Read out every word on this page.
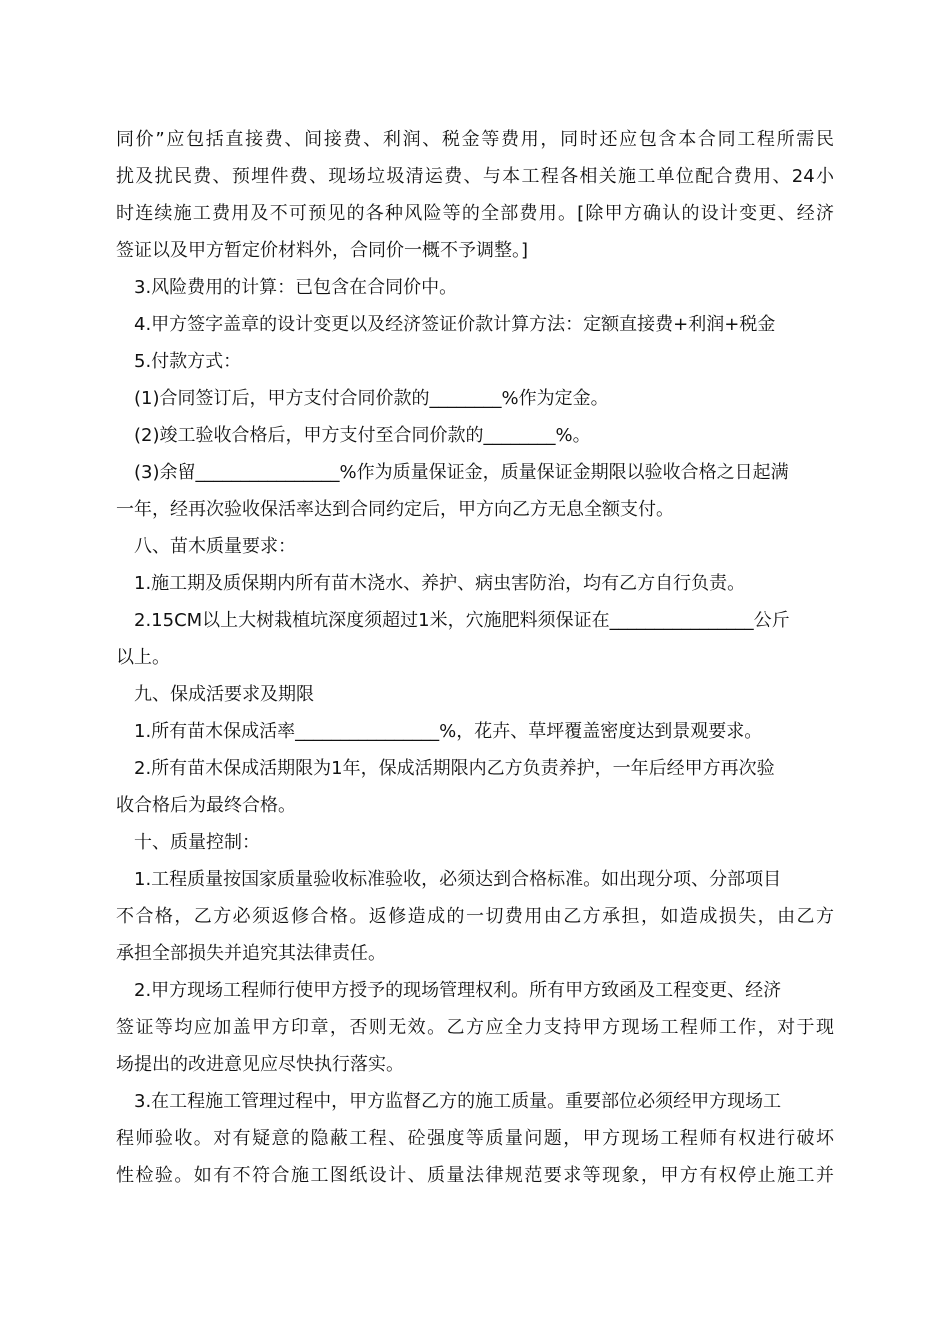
同价”应包括直接费、间接费、利润、税金等费用，同时还应包含本合同工程所需民
扰及扰民费、预埋件费、现场垃圾清运费、与本工程各相关施工单位配合费用、24小
时连续施工费用及不可预见的各种风险等的全部费用。[除甲方确认的设计变更、经济
签证以及甲方暂定价材料外，合同价一概不予调整。]
3.风险费用的计算：已包含在合同价中。
4.甲方签字盖章的设计变更以及经济签证价款计算方法：定额直接费+利润+税金
5.付款方式：
(1)合同签订后，甲方支付合同价款的________%作为定金。
(2)竣工验收合格后，甲方支付至合同价款的________%。
(3)余留________________%作为质量保证金，质量保证金期限以验收合格之日起满
一年，经再次验收保活率达到合同约定后，甲方向乙方无息全额支付。
八、苗木质量要求：
1.施工期及质保期内所有苗木浇水、养护、病虫害防治，均有乙方自行负责。
2.15CM以上大树栽植坑深度须超过1米，穴施肥料须保证在________________公斤
以上。
九、保成活要求及期限
1.所有苗木保成活率________________%，花卉、草坪覆盖密度达到景观要求。
2.所有苗木保成活期限为1年，保成活期限内乙方负责养护，一年后经甲方再次验
收合格后为最终合格。
十、质量控制：
1.工程质量按国家质量验收标准验收，必须达到合格标准。如出现分项、分部项目
不合格，乙方必须返修合格。返修造成的一切费用由乙方承担，如造成损失，由乙方
承担全部损失并追究其法律责任。
2.甲方现场工程师行使甲方授予的现场管理权利。所有甲方致函及工程变更、经济
签证等均应加盖甲方印章，否则无效。乙方应全力支持甲方现场工程师工作，对于现
场提出的改进意见应尽快执行落实。
3.在工程施工管理过程中，甲方监督乙方的施工质量。重要部位必须经甲方现场工
程师验收。对有疑意的隐蔽工程、砼强度等质量问题，甲方现场工程师有权进行破坏
性检验。如有不符合施工图纸设计、质量法律规范要求等现象，甲方有权停止施工并
